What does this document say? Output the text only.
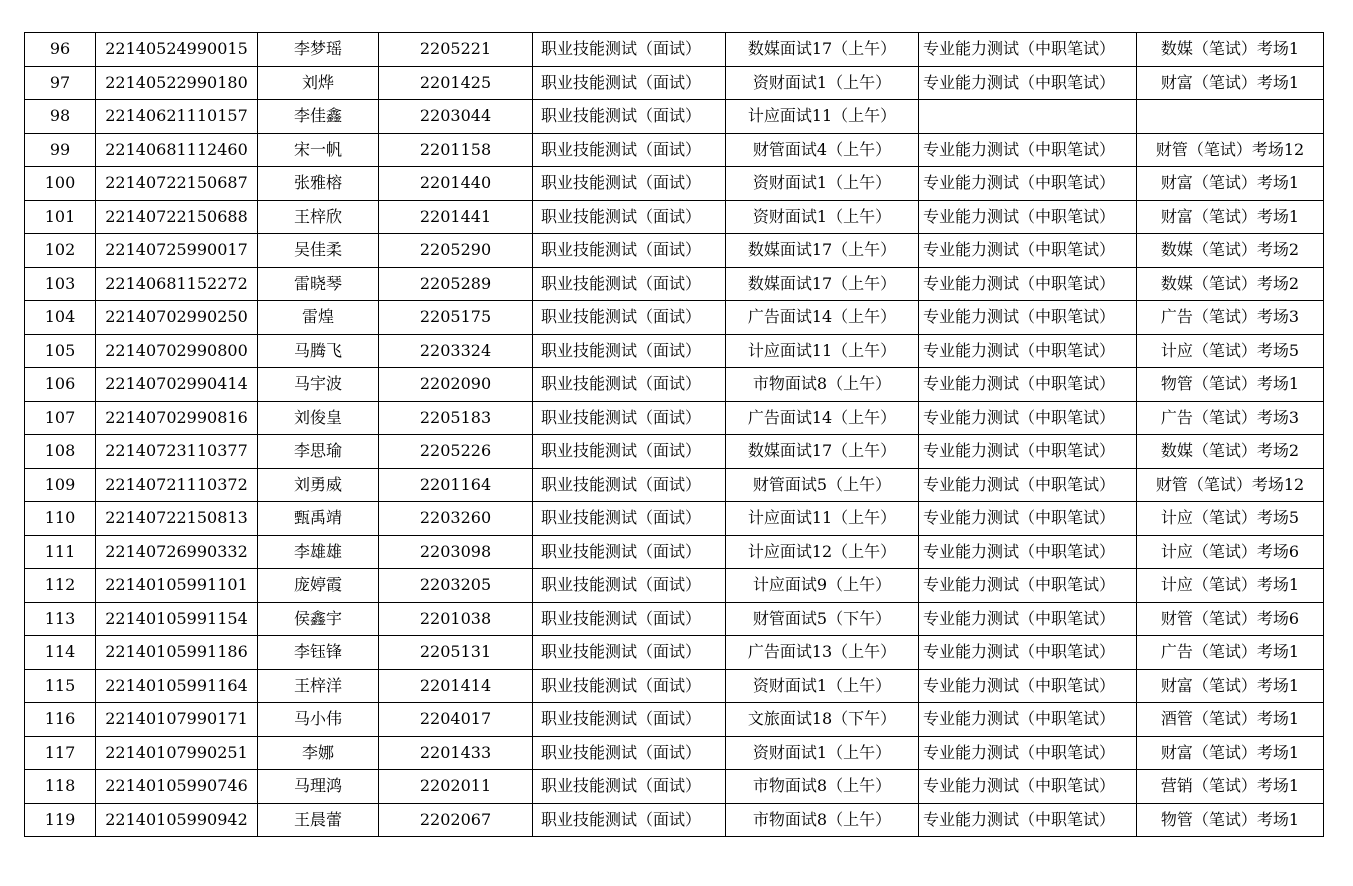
96	22140524990015	李梦瑶	2205221	职业技能测试（面试）	数媒面试17（上午）	专业能力测试（中职笔试）	数媒（笔试）考场1
97	22140522990180	刘烨	2201425	职业技能测试（面试）	资财面试1（上午）	专业能力测试（中职笔试）	财富（笔试）考场1
98	22140621110157	李佳鑫	2203044	职业技能测试（面试）	计应面试11（上午）		
99	22140681112460	宋一帆	2201158	职业技能测试（面试）	财管面试4（上午）	专业能力测试（中职笔试）	财管（笔试）考场12
100	22140722150687	张雅榕	2201440	职业技能测试（面试）	资财面试1（上午）	专业能力测试（中职笔试）	财富（笔试）考场1
101	22140722150688	王梓欣	2201441	职业技能测试（面试）	资财面试1（上午）	专业能力测试（中职笔试）	财富（笔试）考场1
102	22140725990017	吴佳柔	2205290	职业技能测试（面试）	数媒面试17（上午）	专业能力测试（中职笔试）	数媒（笔试）考场2
103	22140681152272	雷晓琴	2205289	职业技能测试（面试）	数媒面试17（上午）	专业能力测试（中职笔试）	数媒（笔试）考场2
104	22140702990250	雷煌	2205175	职业技能测试（面试）	广告面试14（上午）	专业能力测试（中职笔试）	广告（笔试）考场3
105	22140702990800	马腾飞	2203324	职业技能测试（面试）	计应面试11（上午）	专业能力测试（中职笔试）	计应（笔试）考场5
106	22140702990414	马宇波	2202090	职业技能测试（面试）	市物面试8（上午）	专业能力测试（中职笔试）	物管（笔试）考场1
107	22140702990816	刘俊皇	2205183	职业技能测试（面试）	广告面试14（上午）	专业能力测试（中职笔试）	广告（笔试）考场3
108	22140723110377	李思瑜	2205226	职业技能测试（面试）	数媒面试17（上午）	专业能力测试（中职笔试）	数媒（笔试）考场2
109	22140721110372	刘勇威	2201164	职业技能测试（面试）	财管面试5（上午）	专业能力测试（中职笔试）	财管（笔试）考场12
110	22140722150813	甄禹靖	2203260	职业技能测试（面试）	计应面试11（上午）	专业能力测试（中职笔试）	计应（笔试）考场5
111	22140726990332	李雄雄	2203098	职业技能测试（面试）	计应面试12（上午）	专业能力测试（中职笔试）	计应（笔试）考场6
112	22140105991101	庞婷霞	2203205	职业技能测试（面试）	计应面试9（上午）	专业能力测试（中职笔试）	计应（笔试）考场1
113	22140105991154	侯鑫宇	2201038	职业技能测试（面试）	财管面试5（下午）	专业能力测试（中职笔试）	财管（笔试）考场6
114	22140105991186	李钰锋	2205131	职业技能测试（面试）	广告面试13（上午）	专业能力测试（中职笔试）	广告（笔试）考场1
115	22140105991164	王梓洋	2201414	职业技能测试（面试）	资财面试1（上午）	专业能力测试（中职笔试）	财富（笔试）考场1
116	22140107990171	马小伟	2204017	职业技能测试（面试）	文旅面试18（下午）	专业能力测试（中职笔试）	酒管（笔试）考场1
117	22140107990251	李娜	2201433	职业技能测试（面试）	资财面试1（上午）	专业能力测试（中职笔试）	财富（笔试）考场1
118	22140105990746	马理鸿	2202011	职业技能测试（面试）	市物面试8（上午）	专业能力测试（中职笔试）	营销（笔试）考场1
119	22140105990942	王晨蕾	2202067	职业技能测试（面试）	市物面试8（上午）	专业能力测试（中职笔试）	物管（笔试）考场1
